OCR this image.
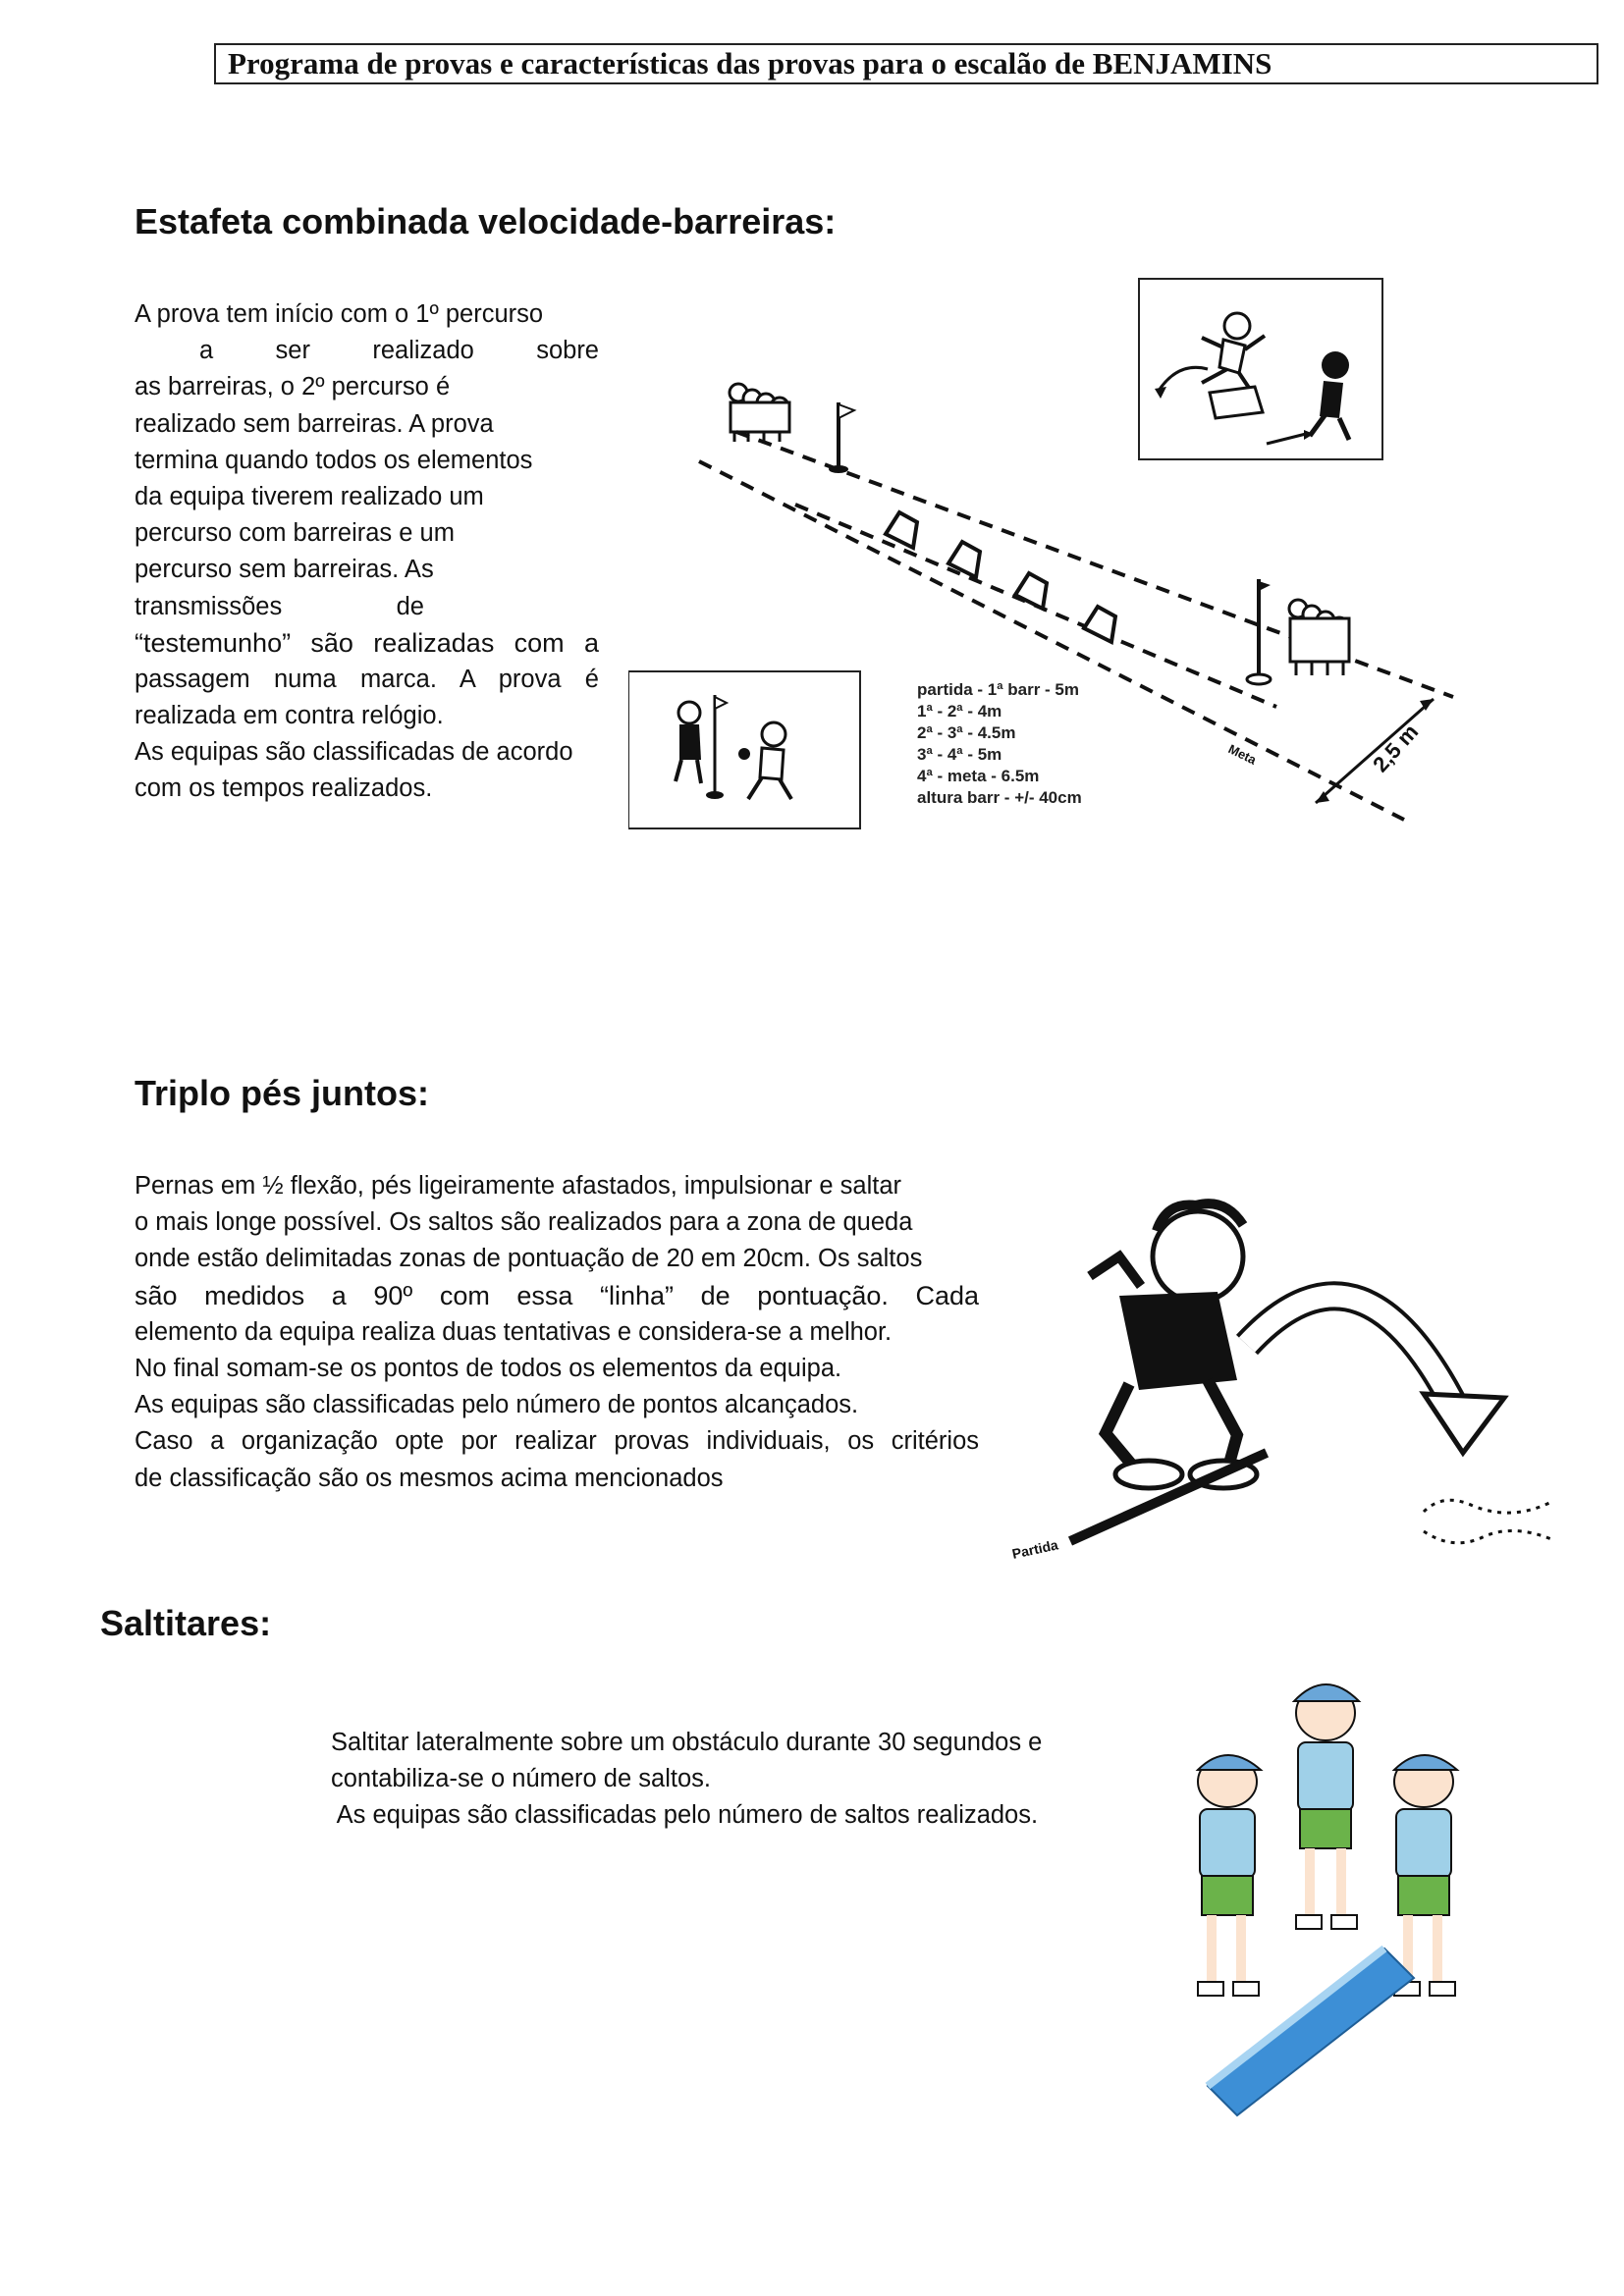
Programa de provas e características das provas para o escalão de BENJAMINS
Estafeta combinada velocidade-barreiras:
A prova tem início com o 1º percurso
a ser realizado sobre
as barreiras, o 2º percurso é
realizado sem barreiras. A prova
termina quando todos os elementos
da equipa tiverem realizado um
percurso com barreiras e um
percurso sem barreiras. As
transmissões de
“testemunho” são realizadas com a
passagem numa marca. A prova é
realizada em contra relógio.
As equipas são classificadas de acordo
com os tempos realizados.
2,5 m
Meta
partida - 1ª barr - 5m
1ª - 2ª - 4m
2ª - 3ª - 4.5m
3ª - 4ª - 5m
4ª - meta - 6.5m
altura barr - +/- 40cm
Triplo pés juntos:
Pernas em ½ flexão, pés ligeiramente afastados, impulsionar e saltar
o mais longe possível. Os saltos são realizados para a zona de queda
onde estão delimitadas zonas de pontuação de 20 em 20cm. Os saltos
são medidos a 90º com essa “linha” de pontuação. Cada
elemento da equipa realiza duas tentativas e considera-se a melhor.
No final somam-se os pontos de todos os elementos da equipa.
As equipas são classificadas pelo número de pontos alcançados.
Caso a organização opte por realizar provas individuais, os critérios
de classificação são os mesmos acima mencionados
Partida
Saltitares:
Saltitar lateralmente sobre um obstáculo durante 30 segundos e
contabiliza-se o número de saltos.
As equipas são classificadas pelo número de saltos realizados.
